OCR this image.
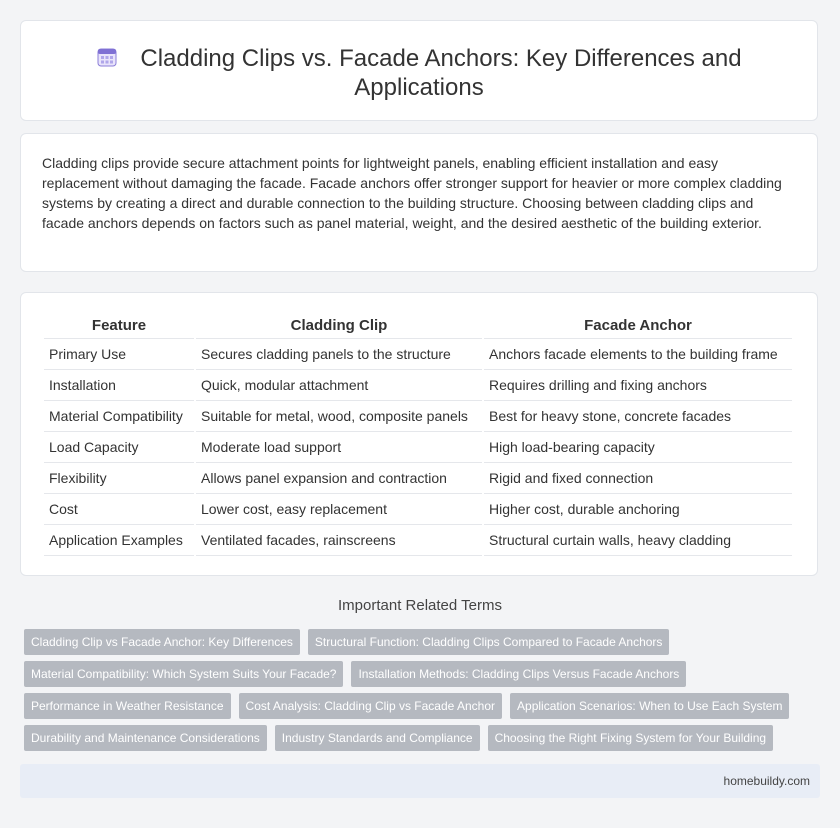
Cladding Clips vs. Facade Anchors: Key Differences and Applications

Cladding clips provide secure attachment points for lightweight panels, enabling efficient installation and easy replacement without damaging the facade. Facade anchors offer stronger support for heavier or more complex cladding systems by creating a direct and durable connection to the building structure. Choosing between cladding clips and facade anchors depends on factors such as panel material, weight, and the desired aesthetic of the building exterior.

Feature	Cladding Clip	Facade Anchor
Primary Use	Secures cladding panels to the structure	Anchors facade elements to the building frame
Installation	Quick, modular attachment	Requires drilling and fixing anchors
Material Compatibility	Suitable for metal, wood, composite panels	Best for heavy stone, concrete facades
Load Capacity	Moderate load support	High load-bearing capacity
Flexibility	Allows panel expansion and contraction	Rigid and fixed connection
Cost	Lower cost, easy replacement	Higher cost, durable anchoring
Application Examples	Ventilated facades, rainscreens	Structural curtain walls, heavy cladding
Important Related Terms
Cladding Clip vs Facade Anchor: Key Differences	Structural Function: Cladding Clips Compared to Facade Anchors
Material Compatibility: Which System Suits Your Facade?	Installation Methods: Cladding Clips Versus Facade Anchors
Performance in Weather Resistance	Cost Analysis: Cladding Clip vs Facade Anchor	Application Scenarios: When to Use Each System
Durability and Maintenance Considerations	Industry Standards and Compliance	Choosing the Right Fixing System for Your Building
homebuildy.com
